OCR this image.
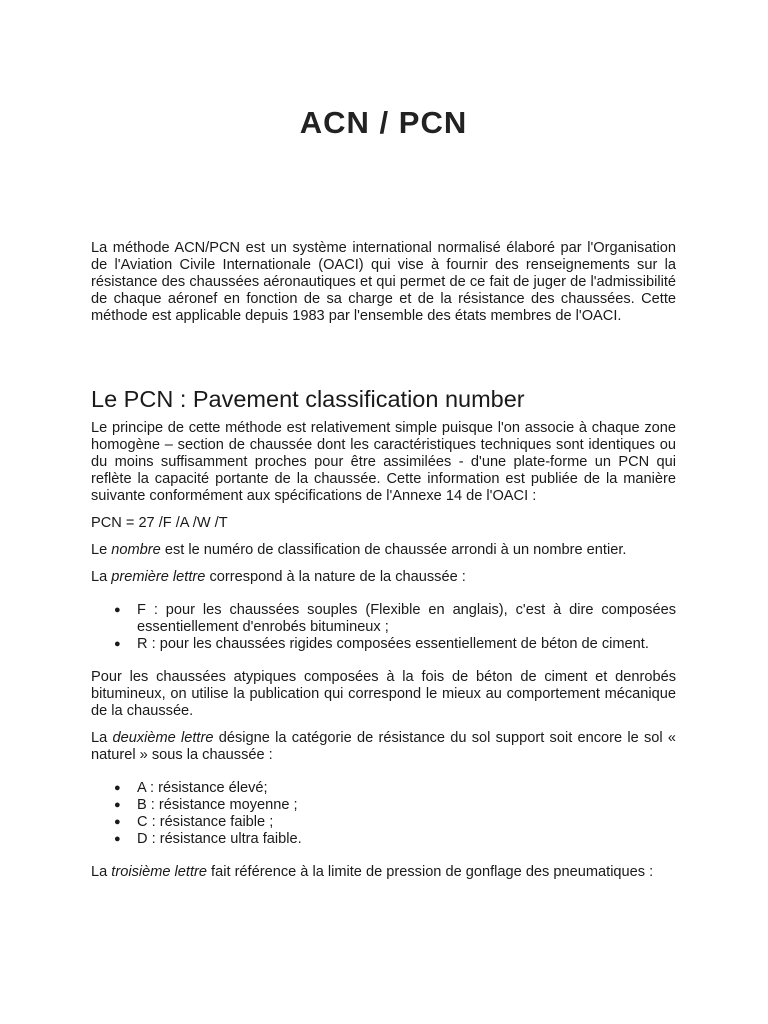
ACN / PCN

La méthode ACN/PCN est un système international normalisé élaboré par l'Organisation de l'Aviation Civile Internationale (OACI) qui vise à fournir des renseignements sur la résistance des chaussées aéronautiques et qui permet de ce fait de juger de l'admissibilité de chaque aéronef en fonction de sa charge et de la résistance des chaussées. Cette méthode est applicable depuis 1983 par l'ensemble des états membres de l'OACI.

Le PCN : Pavement classification number

Le principe de cette méthode est relativement simple puisque l'on associe à chaque zone homogène – section de chaussée dont les caractéristiques techniques sont identiques ou du moins suffisamment proches pour être assimilées - d'une plate-forme un PCN qui reflète la capacité portante de la chaussée. Cette information est publiée de la manière suivante conformément aux spécifications de l'Annexe 14 de l'OACI :

PCN = 27 /F /A /W /T

Le nombre est le numéro de classification de chaussée arrondi à un nombre entier.

La première lettre correspond à la nature de la chaussée :

● F : pour les chaussées souples (Flexible en anglais), c'est à dire composées essentiellement d'enrobés bitumineux ;
● R : pour les chaussées rigides composées essentiellement de béton de ciment.

Pour les chaussées atypiques composées à la fois de béton de ciment et denrobés bitumineux, on utilise la publication qui correspond le mieux au comportement mécanique de la chaussée.

La deuxième lettre désigne la catégorie de résistance du sol support soit encore le sol « naturel » sous la chaussée :

● A : résistance élevé;
● B : résistance moyenne ;
● C : résistance faible ;
● D : résistance ultra faible.

La troisième lettre fait référence à la limite de pression de gonflage des pneumatiques :
